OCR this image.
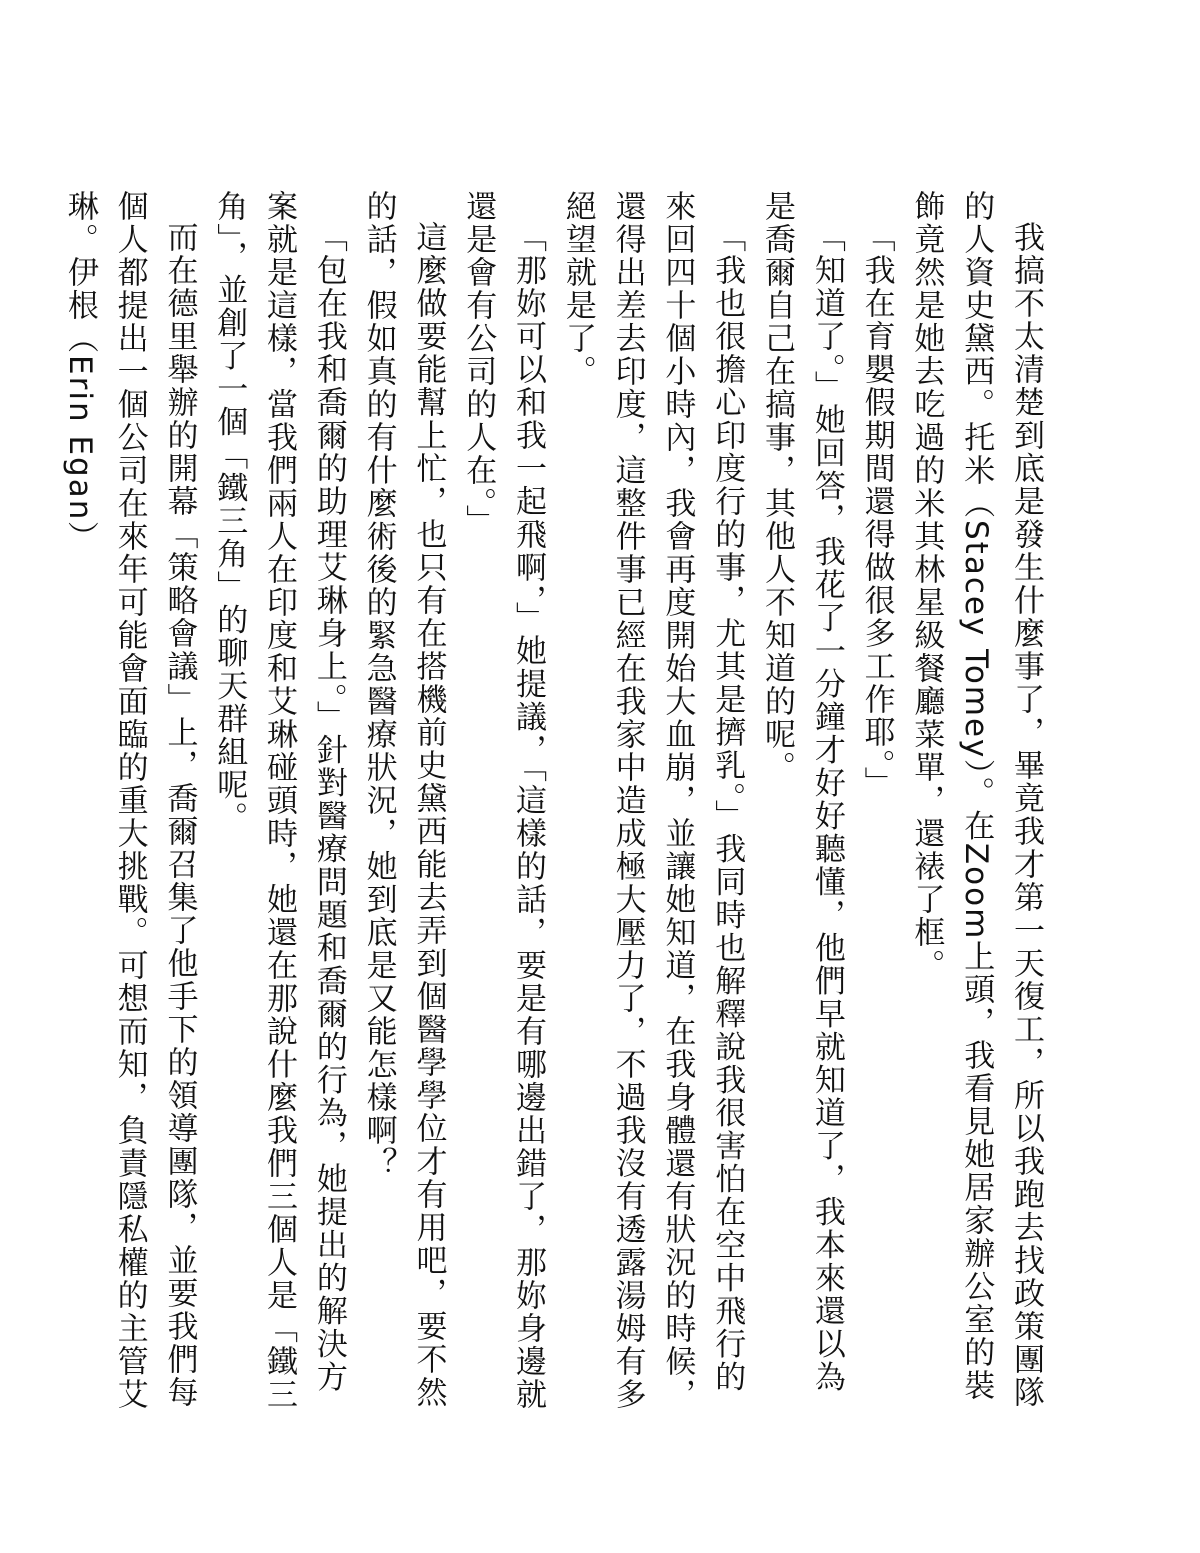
我搞不太清楚到底是發生什麼事了，畢竟我才第一天復工，所以我跑去找政策團隊的人資史黛西。托米（Stacey Tomey）。在Zoom上頭，我看見她居家辦公室的裝飾竟然是她去吃過的米其林星級餐廳菜單，還裱了框。

「我在育嬰假期間還得做很多工作耶。」

「知道了。」她回答，我花了一分鐘才好好聽懂，他們早就知道了，我本來還以為是喬爾自己在搞事，其他人不知道的呢。

「我也很擔心印度行的事，尤其是擠乳。」我同時也解釋說我很害怕在空中飛行的來回四十個小時內，我會再度開始大血崩，並讓她知道，在我身體還有狀況的時候，還得出差去印度，這整件事已經在我家中造成極大壓力了，不過我沒有透露湯姆有多絕望就是了。

「那妳可以和我一起飛啊，」她提議，「這樣的話，要是有哪邊出錯了，那妳身邊就還是會有公司的人在。」

這麼做要能幫上忙，也只有在搭機前史黛西能去弄到個醫學學位才有用吧，要不然的話，假如真的有什麼術後的緊急醫療狀況，她到底是又能怎樣啊？

「包在我和喬爾的助理艾琳身上。」針對醫療問題和喬爾的行為，她提出的解決方案就是這樣，當我們兩人在印度和艾琳碰頭時，她還在那說什麼我們三個人是「鐵三角」，並創了一個「鐵三角」的聊天群組呢。

而在德里舉辦的開幕「策略會議」上，喬爾召集了他手下的領導團隊，並要我們每個人都提出一個公司在來年可能會面臨的重大挑戰。可想而知，負責隱私權的主管艾琳。伊根（Erin Egan）
